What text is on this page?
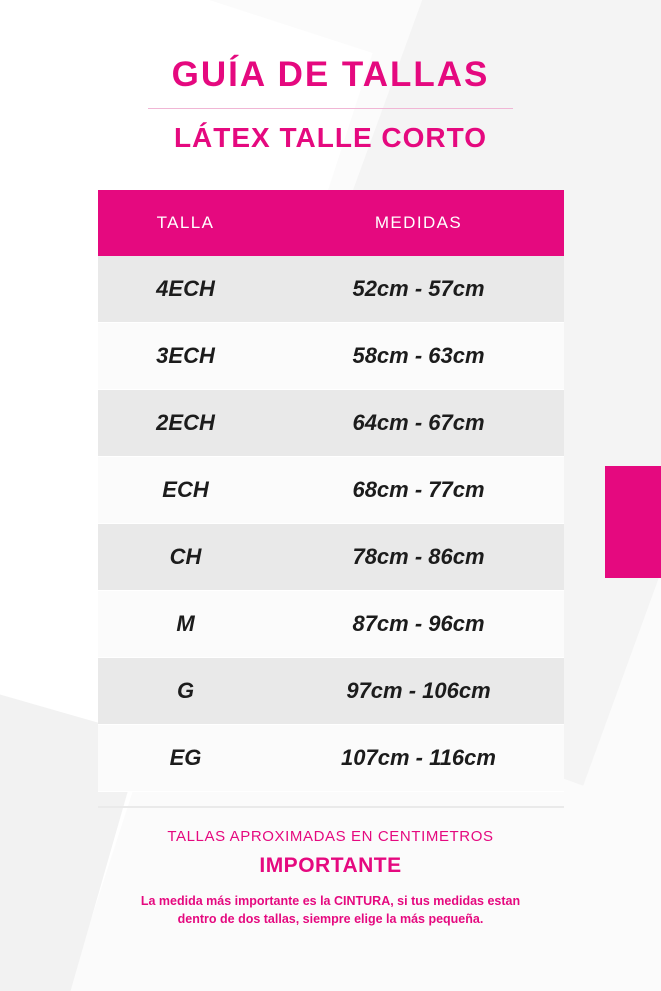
GUÍA DE TALLAS
LÁTEX TALLE CORTO
TALLA	MEDIDAS
4ECH	52cm - 57cm
3ECH	58cm - 63cm
2ECH	64cm - 67cm
ECH	68cm - 77cm
CH	78cm - 86cm
M	87cm - 96cm
G	97cm - 106cm
EG	107cm - 116cm
TALLAS APROXIMADAS EN CENTIMETROS
IMPORTANTE
La medida más importante es la CINTURA, si tus medidas estan dentro de dos tallas, siempre elige la más pequeña.
